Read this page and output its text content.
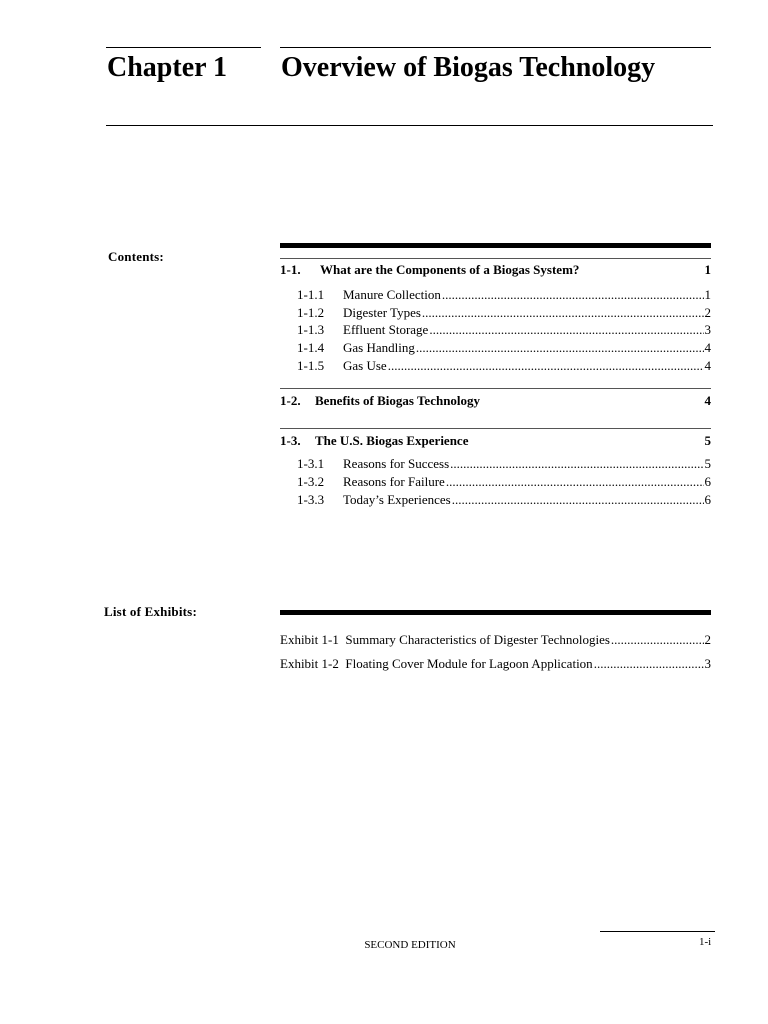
Chapter 1 Overview of Biogas Technology
Contents:
1-1. What are the Components of a Biogas System?	1
1-1.1	Manure Collection .....	1
1-1.2	Digester Types .....	2
1-1.3	Effluent Storage .....	3
1-1.4	Gas Handling .....	4
1-1.5	Gas Use .....	4
1-2. Benefits of Biogas Technology	4
1-3. The U.S. Biogas Experience	5
1-3.1	Reasons for Success .....	5
1-3.2	Reasons for Failure .....	6
1-3.3	Today’s Experiences .....	6
List of Exhibits:
Exhibit 1-1  Summary Characteristics of Digester Technologies .....	2
Exhibit 1-2  Floating Cover Module for Lagoon Application .....	3
SECOND EDITION	1-i
